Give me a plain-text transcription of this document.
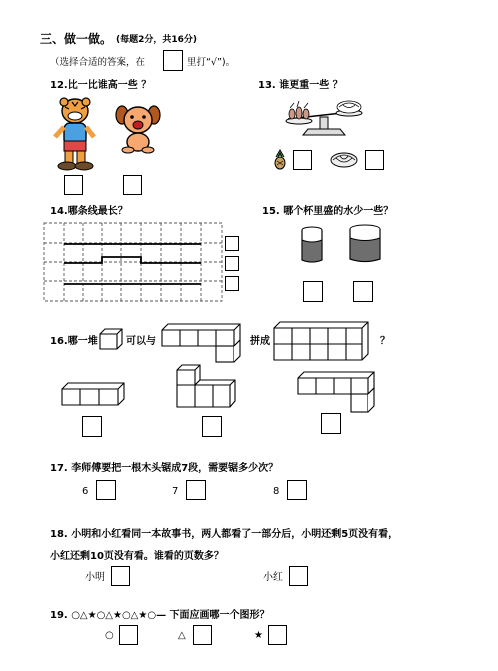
三、做一做。 (每题2分，共16分)
（选择合适的答案，在	里打“√”)。
12.比一比谁高一些 ？	13. 谁更重一些 ？
14.哪条线最长？	15. 哪个杯里盛的水少一些？
16.哪一堆	可以与	拼成	？
17. 李师傅要把一根木头锯成7段，需要锯多少次？
6	7	8
18. 小明和小红看同一本故事书，两人都看了一部分后，小明还剩5页没有看，
小红还剩10页没有看。谁看的页数多？
小明	小红
19. ○△★○△★○△★○— 下面应画哪一个图形？
○	△	★
